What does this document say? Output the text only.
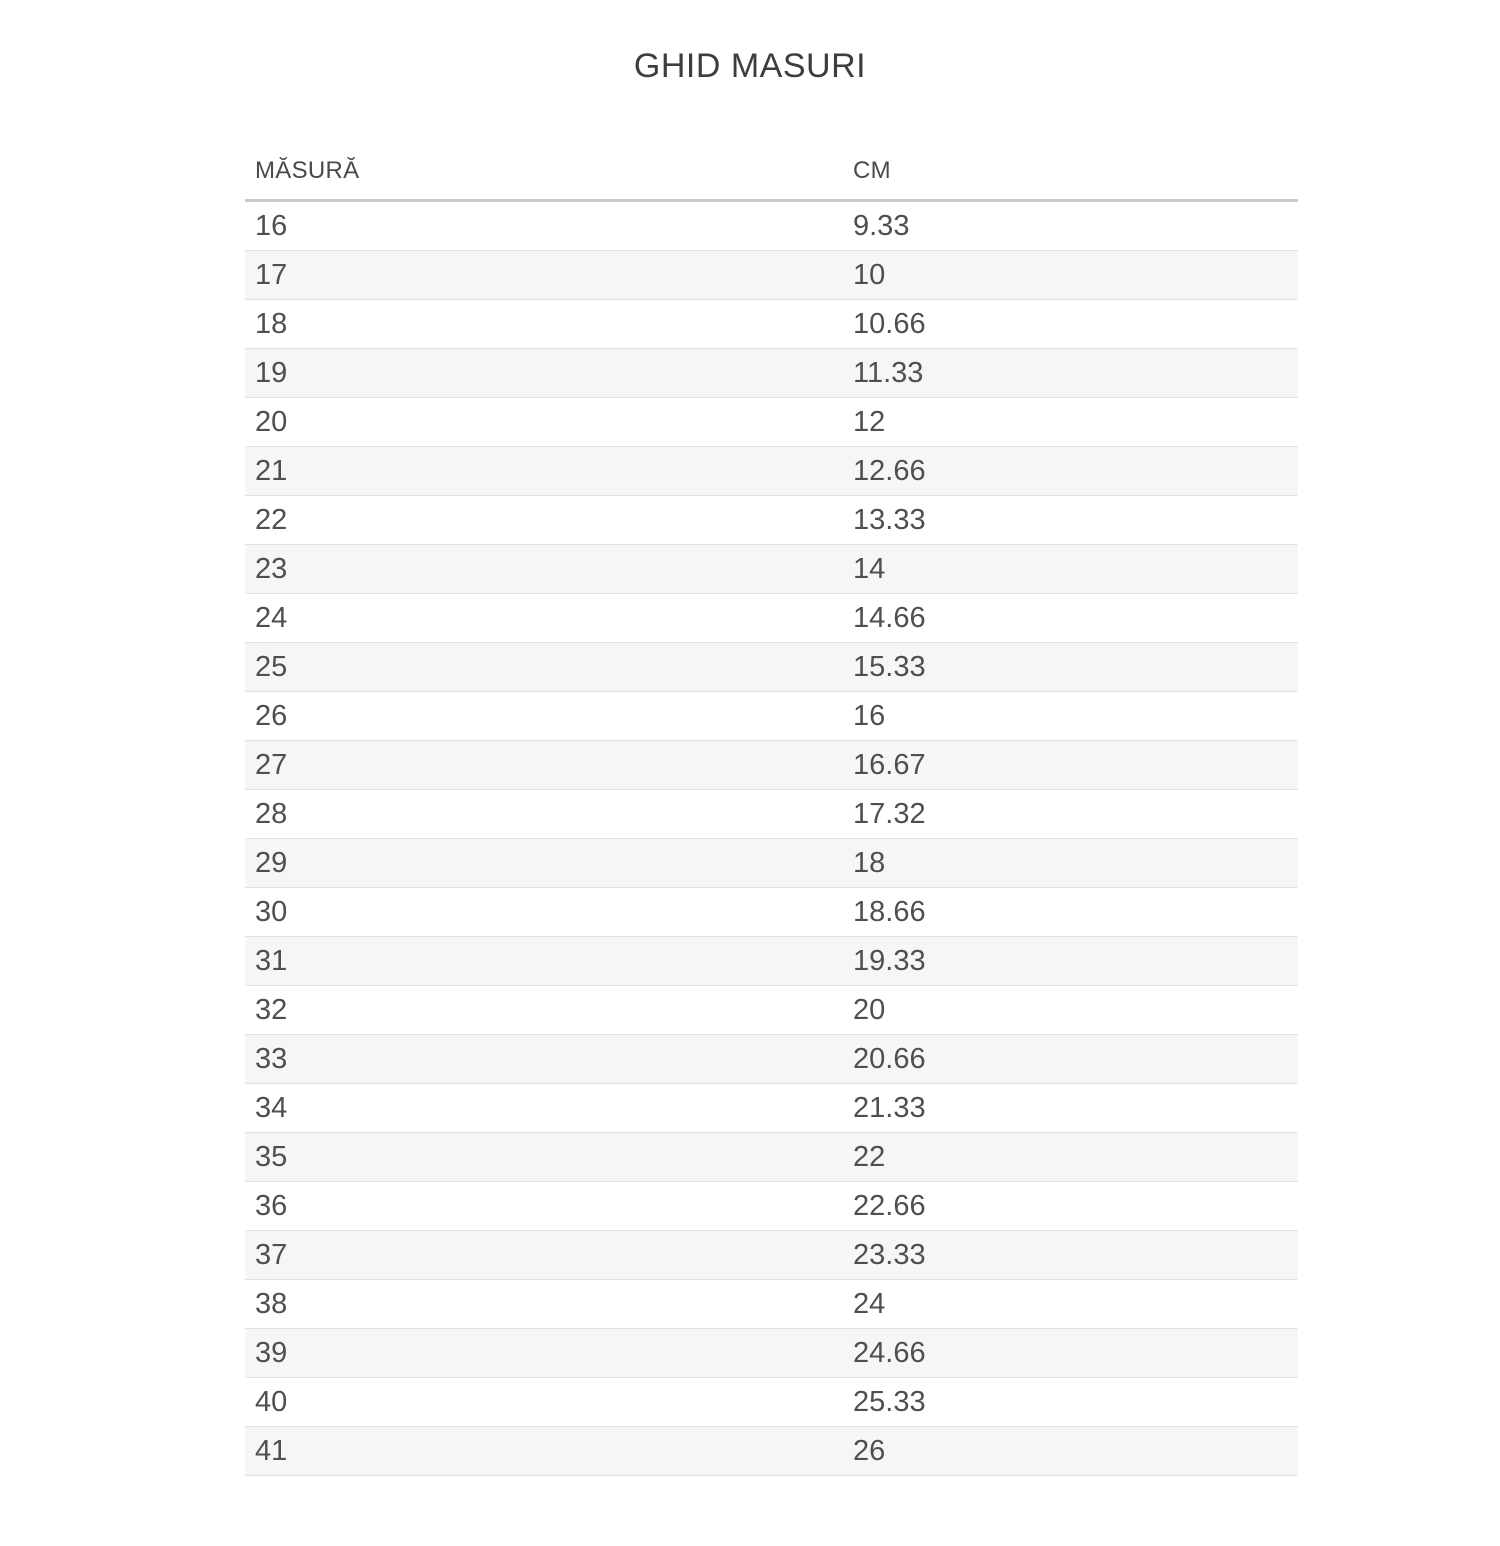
GHID MASURI
MĂSURĂ	CM
16	9.33
17	10
18	10.66
19	11.33
20	12
21	12.66
22	13.33
23	14
24	14.66
25	15.33
26	16
27	16.67
28	17.32
29	18
30	18.66
31	19.33
32	20
33	20.66
34	21.33
35	22
36	22.66
37	23.33
38	24
39	24.66
40	25.33
41	26
